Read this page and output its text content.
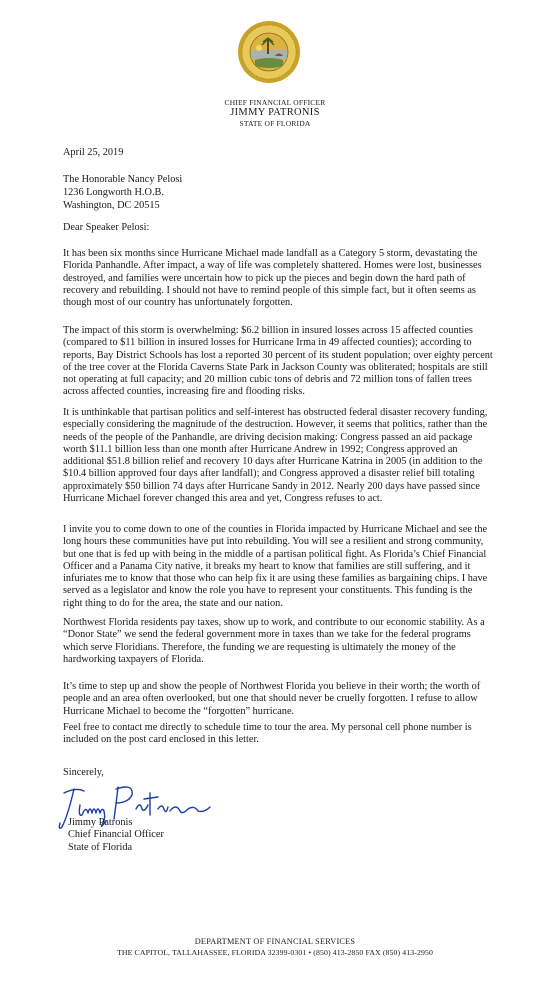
CHIEF FINANCIAL OFFICER
JIMMY PATRONIS
STATE OF FLORIDA
April 25, 2019
The Honorable Nancy Pelosi
1236 Longworth H.O.B.
Washington, DC 20515
Dear Speaker Pelosi:

It has been six months since Hurricane Michael made landfall as a Category 5 storm, devastating the Florida Panhandle. After impact, a way of life was completely shattered. Homes were lost, businesses destroyed, and families were uncertain how to pick up the pieces and begin down the hard path of recovery and rebuilding. I should not have to remind people of this simple fact, but it often seems as though most of our country has unfortunately forgotten.

The impact of this storm is overwhelming: $6.2 billion in insured losses across 15 affected counties (compared to $11 billion in insured losses for Hurricane Irma in 49 affected counties); according to reports, Bay District Schools has lost a reported 30 percent of its student population; over eighty percent of the tree cover at the Florida Caverns State Park in Jackson County was obliterated; hospitals are still not operating at full capacity; and 20 million cubic tons of debris and 72 million tons of fallen trees across affected counties, increasing fire and flooding risks.

It is unthinkable that partisan politics and self-interest has obstructed federal disaster recovery funding, especially considering the magnitude of the destruction. However, it seems that politics, rather than the needs of the people of the Panhandle, are driving decision making: Congress passed an aid package worth $11.1 billion less than one month after Hurricane Andrew in 1992; Congress approved an additional $51.8 billion relief and recovery 10 days after Hurricane Katrina in 2005 (in addition to the $10.4 billion approved four days after landfall); and Congress approved a disaster relief bill totaling approximately $50 billion 74 days after Hurricane Sandy in 2012. Nearly 200 days have passed since Hurricane Michael forever changed this area and yet, Congress refuses to act.

I invite you to come down to one of the counties in Florida impacted by Hurricane Michael and see the long hours these communities have put into rebuilding. You will see a resilient and strong community, but one that is fed up with being in the middle of a partisan political fight. As Florida’s Chief Financial Officer and a Panama City native, it breaks my heart to know that families are still suffering, and it infuriates me to know that those who can help fix it are using these families as bargaining chips. I have served as a legislator and know the role you have to represent your constituents. This funding is the right thing to do for the area, the state and our nation.

Northwest Florida residents pay taxes, show up to work, and contribute to our economic stability. As a “Donor State” we send the federal government more in taxes than we take for the federal programs which serve Floridians. Therefore, the funding we are requesting is ultimately the money of the hardworking taxpayers of Florida.

It’s time to step up and show the people of Northwest Florida you believe in their worth; the worth of people and an area often overlooked, but one that should never be cruelly forgotten. I refuse to allow Hurricane Michael to become the “forgotten” hurricane.

Feel free to contact me directly to schedule time to tour the area. My personal cell phone number is included on the post card enclosed in this letter.

Sincerely,
Jimmy Patronis
Chief Financial Officer
State of Florida
DEPARTMENT OF FINANCIAL SERVICES
THE CAPITOL, TALLAHASSEE, FLORIDA 32399-0301 • (850) 413-2850 FAX (850) 413-2950
